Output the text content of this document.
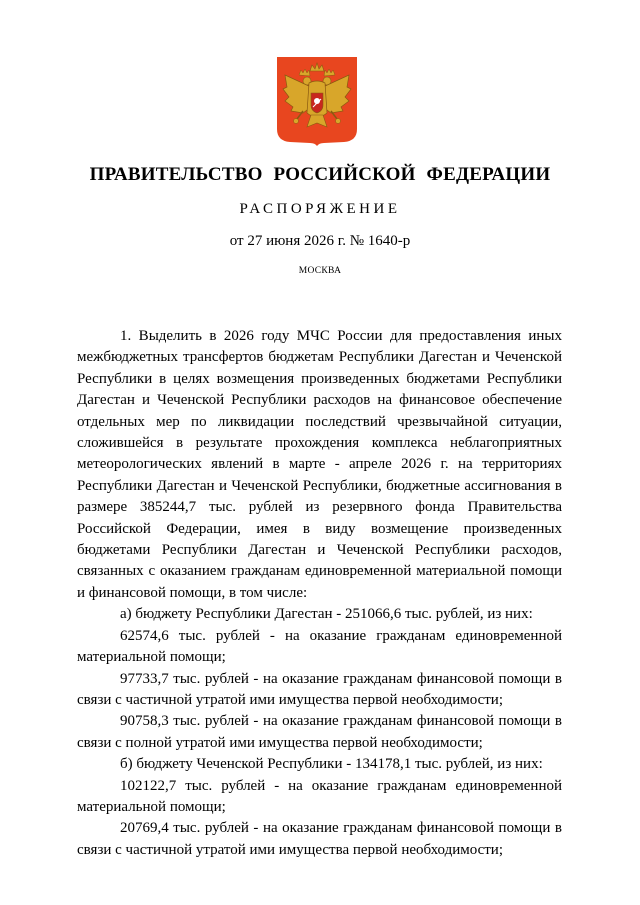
ПРАВИТЕЛЬСТВО РОССИЙСКОЙ ФЕДЕРАЦИИ
РАСПОРЯЖЕНИЕ
от 27 июня 2026 г. № 1640-р
МОСКВА

1. Выделить в 2026 году МЧС России для предоставления иных межбюджетных трансфертов бюджетам Республики Дагестан и Чеченской Республики в целях возмещения произведенных бюджетами Республики Дагестан и Чеченской Республики расходов на финансовое обеспечение отдельных мер по ликвидации последствий чрезвычайной ситуации, сложившейся в результате прохождения комплекса неблагоприятных метеорологических явлений в марте - апреле 2026 г. на территориях Республики Дагестан и Чеченской Республики, бюджетные ассигнования в размере 385244,7 тыс. рублей из резервного фонда Правительства Российской Федерации, имея в виду возмещение произведенных бюджетами Республики Дагестан и Чеченской Республики расходов, связанных с оказанием гражданам единовременной материальной помощи и финансовой помощи, в том числе:

а) бюджету Республики Дагестан - 251066,6 тыс. рублей, из них:

62574,6 тыс. рублей - на оказание гражданам единовременной материальной помощи;

97733,7 тыс. рублей - на оказание гражданам финансовой помощи в связи с частичной утратой ими имущества первой необходимости;

90758,3 тыс. рублей - на оказание гражданам финансовой помощи в связи с полной утратой ими имущества первой необходимости;

б) бюджету Чеченской Республики - 134178,1 тыс. рублей, из них:

102122,7 тыс. рублей - на оказание гражданам единовременной материальной помощи;

20769,4 тыс. рублей - на оказание гражданам финансовой помощи в связи с частичной утратой ими имущества первой необходимости;
